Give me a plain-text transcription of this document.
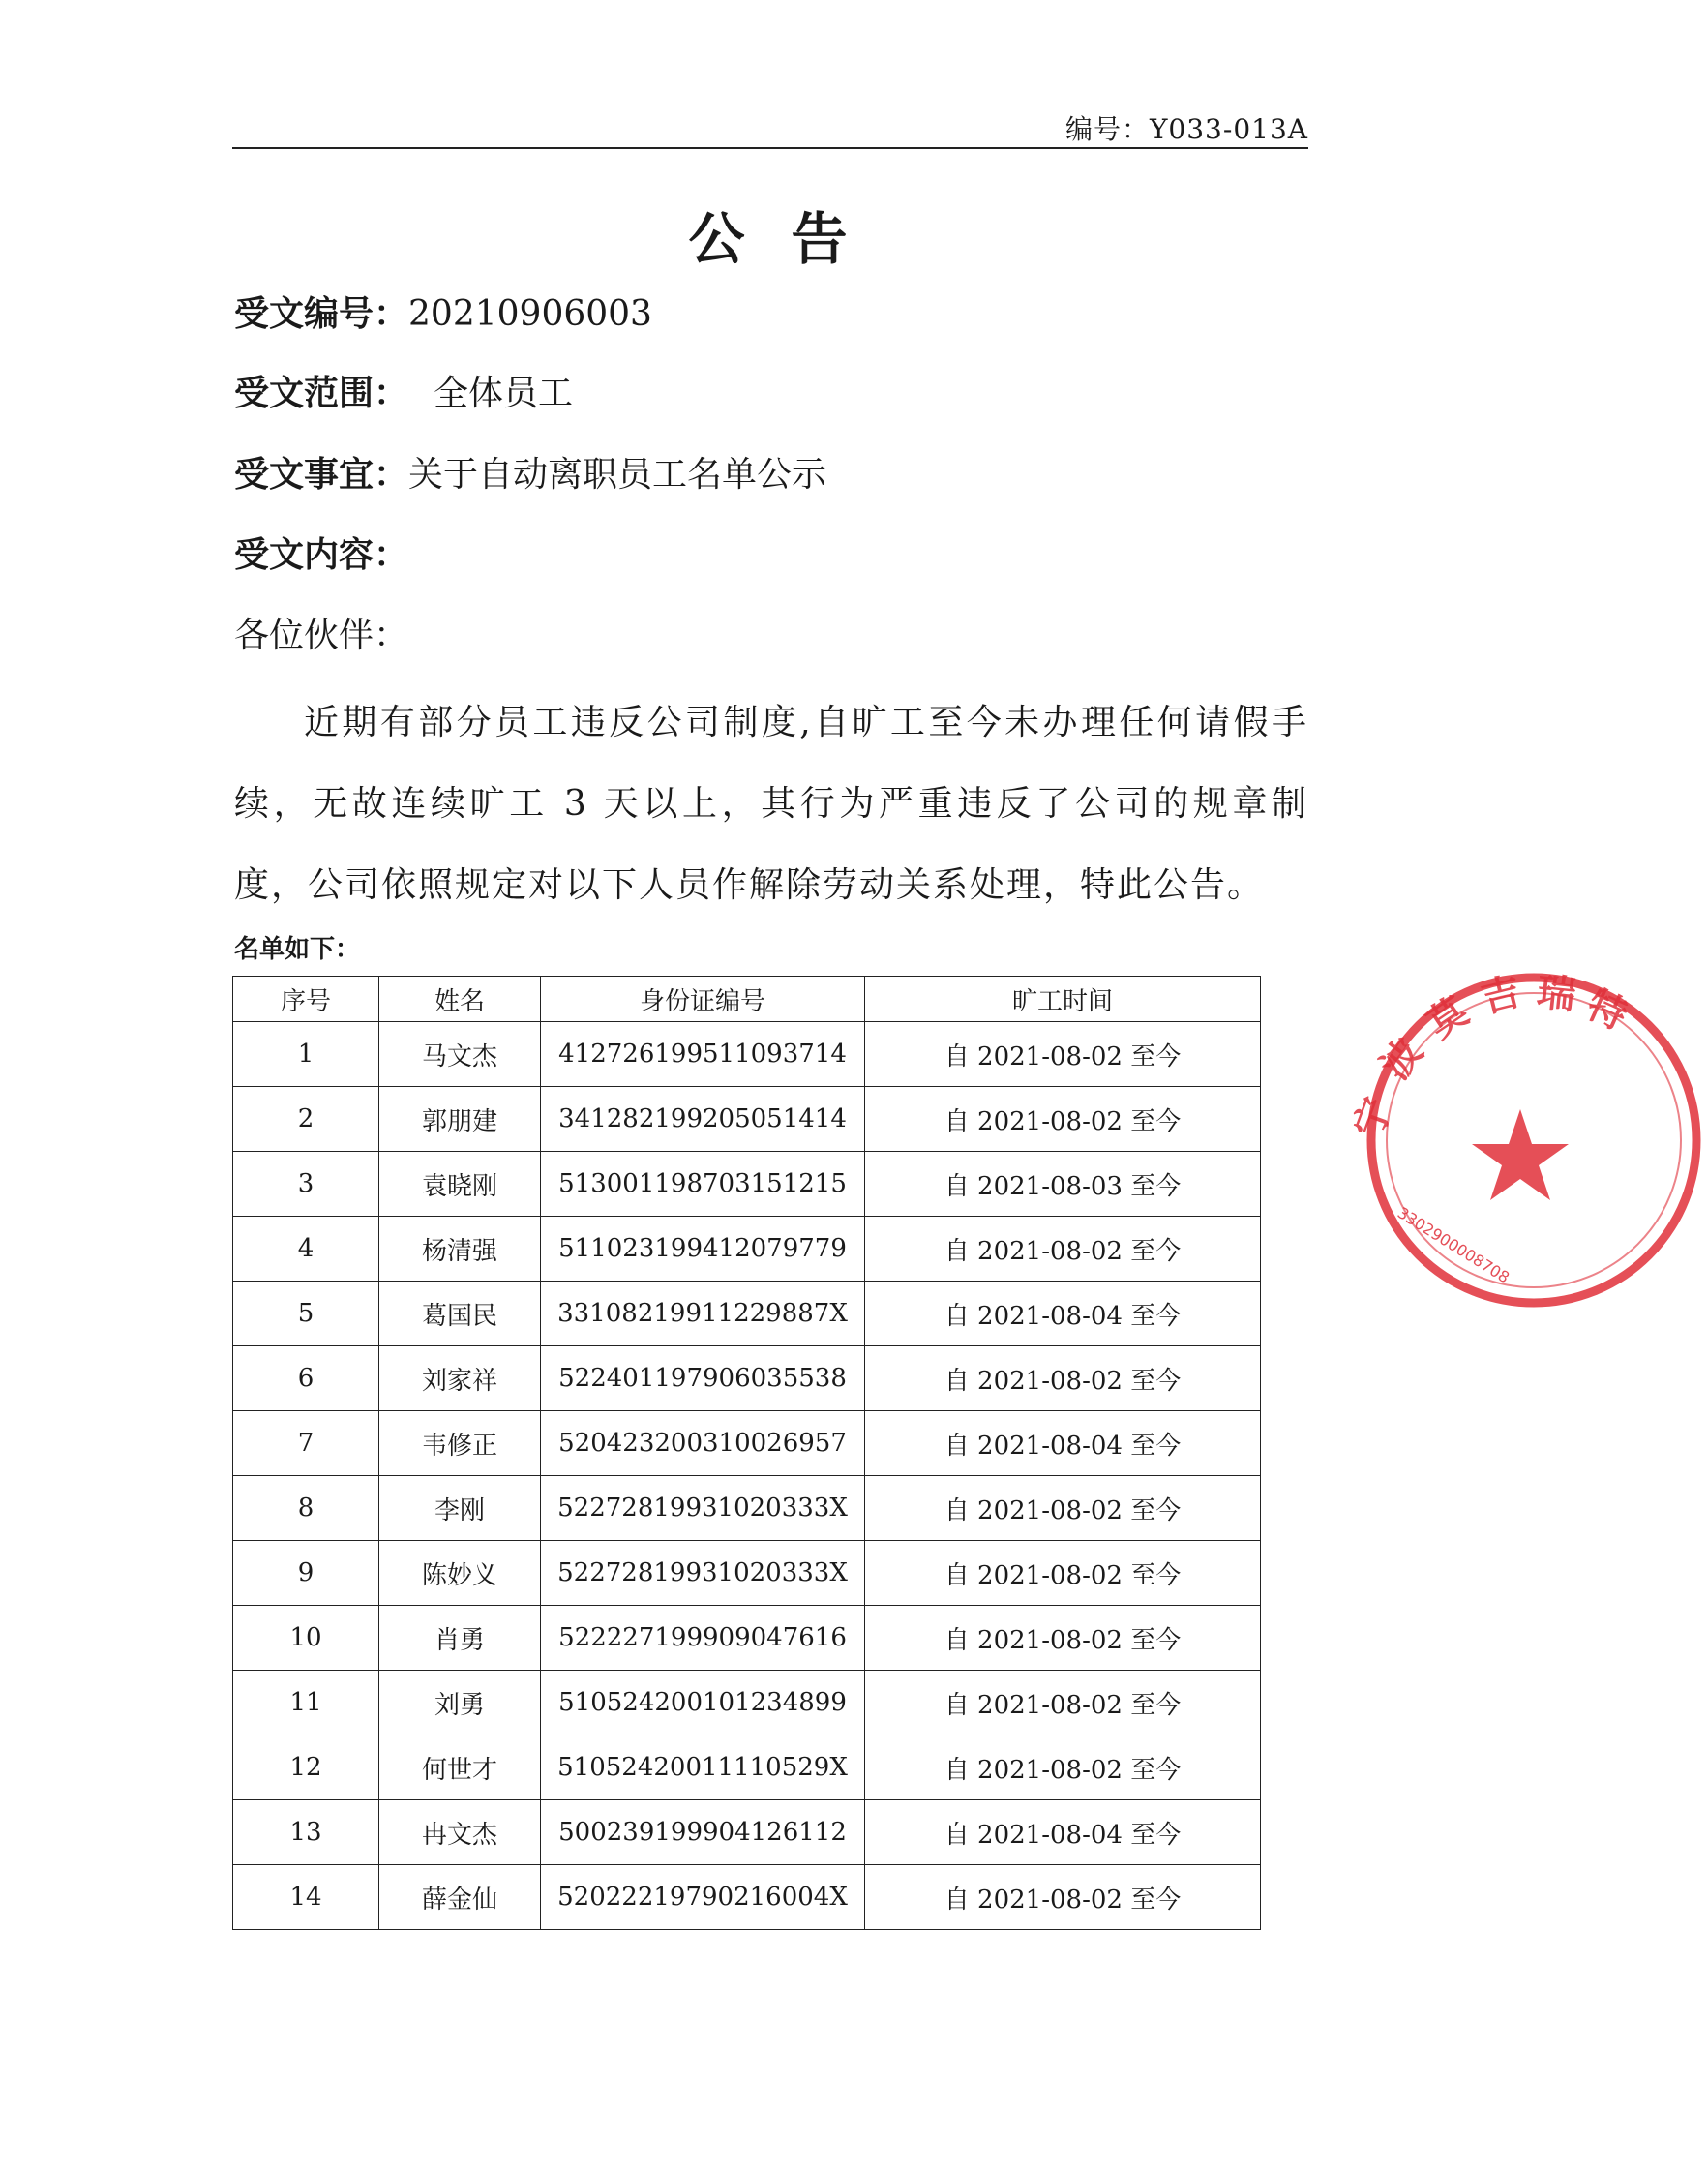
编号：Y033-013A
公告
受文编号：20210906003
受文范围： 全体员工
受文事宜：关于自动离职员工名单公示
受文内容：
各位伙伴：
近期有部分员工违反公司制度,自旷工至今未办理任何请假手续，无故连续旷工 3 天以上，其行为严重违反了公司的规章制度，公司依照规定对以下人员作解除劳动关系处理，特此公告。
名单如下：
序号	姓名	身份证编号	旷工时间
1	马文杰	412726199511093714	自 2021-08-02 至今
2	郭朋建	341282199205051414	自 2021-08-02 至今
3	袁晓刚	513001198703151215	自 2021-08-03 至今
4	杨清强	511023199412079779	自 2021-08-02 至今
5	葛国民	33108219911229887X	自 2021-08-04 至今
6	刘家祥	522401197906035538	自 2021-08-02 至今
7	韦修正	520423200310026957	自 2021-08-04 至今
8	李刚	52272819931020333X	自 2021-08-02 至今
9	陈妙义	52272819931020333X	自 2021-08-02 至今
10	肖勇	522227199909047616	自 2021-08-02 至今
11	刘勇	510524200101234899	自 2021-08-02 至今
12	何世才	51052420011110529X	自 2021-08-02 至今
13	冉文杰	500239199904126112	自 2021-08-04 至今
14	薛金仙	52022219790216004X	自 2021-08-02 至今
宁
波
莫 吉 瑞 特
3302900008708
